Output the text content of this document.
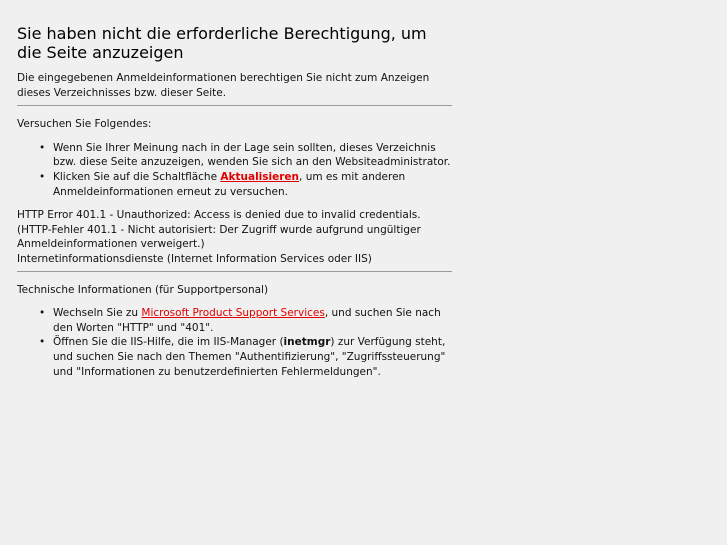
Sie haben nicht die erforderliche Berechtigung, um die Seite anzuzeigen

Die eingegebenen Anmeldeinformationen berechtigen Sie nicht zum Anzeigen dieses Verzeichnisses bzw. dieser Seite.

Versuchen Sie Folgendes:

• Wenn Sie Ihrer Meinung nach in der Lage sein sollten, dieses Verzeichnis bzw. diese Seite anzuzeigen, wenden Sie sich an den Websiteadministrator.
• Klicken Sie auf die Schaltfläche Aktualisieren, um es mit anderen Anmeldeinformationen erneut zu versuchen.

HTTP Error 401.1 - Unauthorized: Access is denied due to invalid credentials.

(HTTP-Fehler 401.1 - Nicht autorisiert: Der Zugriff wurde aufgrund ungültiger Anmeldeinformationen verweigert.)

Internetinformationsdienste (Internet Information Services oder IIS)

Technische Informationen (für Supportpersonal)

• Wechseln Sie zu Microsoft Product Support Services, und suchen Sie nach den Worten "HTTP" und "401".
• Öffnen Sie die IIS-Hilfe, die im IIS-Manager (inetmgr) zur Verfügung steht, und suchen Sie nach den Themen "Authentifizierung", "Zugriffssteuerung" und "Informationen zu benutzerdefinierten Fehlermeldungen".
